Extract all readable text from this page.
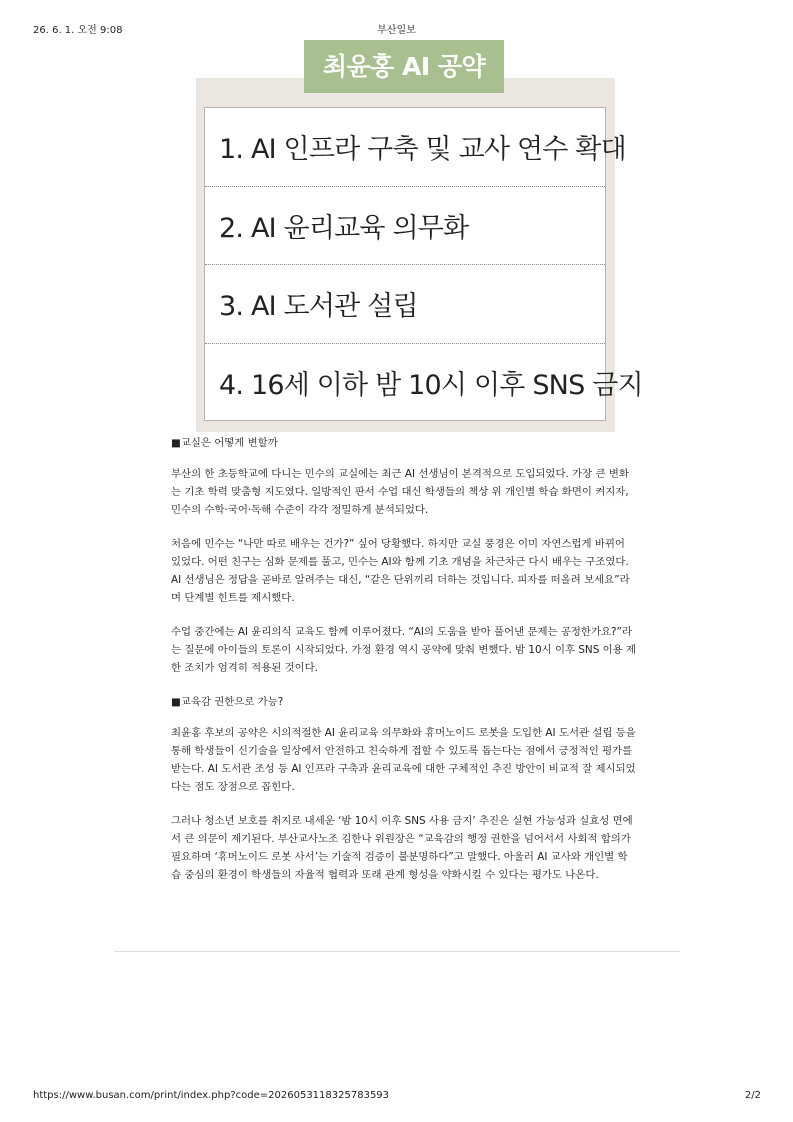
26. 6. 1. 오전 9:08	부산일보
최윤홍 AI 공약
1. AI 인프라 구축 및 교사 연수 확대
2. AI 윤리교육 의무화
3. AI 도서관 설립
4. 16세 이하 밤 10시 이후 SNS 금지

■교실은 어떻게 변할까

부산의 한 초등학교에 다니는 민수의 교실에는 최근 AI 선생님이 본격적으로 도입되었다. 가장 큰 변화는 기초 학력 맞춤형 지도였다. 일방적인 판서 수업 대신 학생들의 책상 위 개인별 학습 화면이 켜지자, 민수의 수학·국어·독해 수준이 각각 정밀하게 분석되었다.

처음에 민수는 “나만 따로 배우는 건가?” 싶어 당황했다. 하지만 교실 풍경은 이미 자연스럽게 바뀌어 있었다. 어떤 친구는 심화 문제를 풀고, 민수는 AI와 함께 기초 개념을 차근차근 다시 배우는 구조였다. AI 선생님은 정답을 곧바로 알려주는 대신, “같은 단위끼리 더하는 것입니다. 피자를 떠올려 보세요”라며 단계별 힌트를 제시했다.

수업 중간에는 AI 윤리의식 교육도 함께 이루어졌다. “AI의 도움을 받아 풀어낸 문제는 공정한가요?”라는 질문에 아이들의 토론이 시작되었다. 가정 환경 역시 공약에 맞춰 변했다. 밤 10시 이후 SNS 이용 제한 조치가 엄격히 적용된 것이다.

■교육감 권한으로 가능?

최윤홍 후보의 공약은 시의적절한 AI 윤리교육 의무화와 휴머노이드 로봇을 도입한 AI 도서관 설립 등을 통해 학생들이 신기술을 일상에서 안전하고 친숙하게 접할 수 있도록 돕는다는 점에서 긍정적인 평가를 받는다. AI 도서관 조성 등 AI 인프라 구축과 윤리교육에 대한 구체적인 추진 방안이 비교적 잘 제시되었다는 점도 장점으로 꼽힌다.

그러나 청소년 보호를 취지로 내세운 ‘밤 10시 이후 SNS 사용 금지’ 추진은 실현 가능성과 실효성 면에서 큰 의문이 제기된다. 부산교사노조 김한나 위원장은 “교육감의 행정 권한을 넘어서서 사회적 합의가 필요하며 ‘휴머노이드 로봇 사서’는 기술적 검증이 불분명하다”고 말했다. 아울러 AI 교사와 개인별 학습 중심의 환경이 학생들의 자율적 협력과 또래 관계 형성을 약화시킬 수 있다는 평가도 나온다.

https://www.busan.com/print/index.php?code=2026053118325783593	2/2
